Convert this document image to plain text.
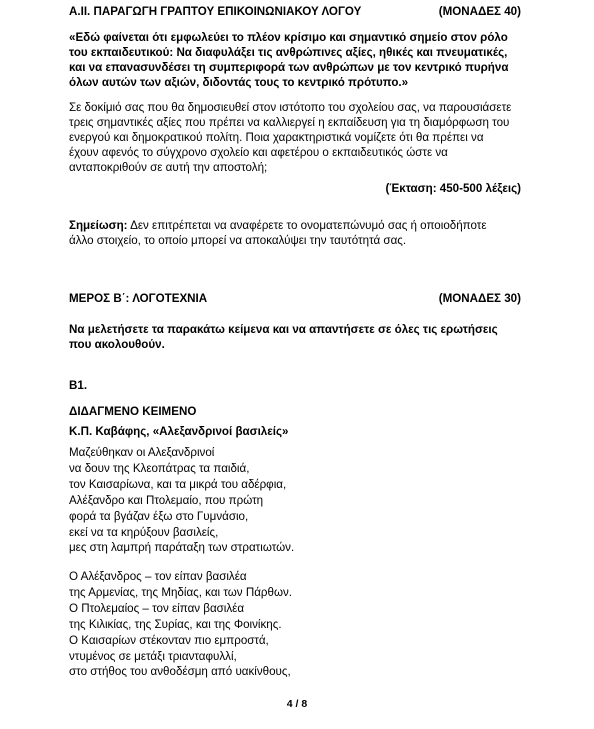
Α.ΙΙ. ΠΑΡΑΓΩΓΗ ΓΡΑΠΤΟΥ ΕΠΙΚΟΙΝΩΝΙΑΚΟΥ ΛΟΓΟΥ	(ΜΟΝΑΔΕΣ 40)
«Εδώ φαίνεται ότι εμφωλεύει το πλέον κρίσιμο και σημαντικό σημείο στον ρόλο
του εκπαιδευτικού: Να διαφυλάξει τις ανθρώπινες αξίες, ηθικές και πνευματικές,
και να επανασυνδέσει τη συμπεριφορά των ανθρώπων με τον κεντρικό πυρήνα
όλων αυτών των αξιών, διδοντάς τους το κεντρικό πρότυπο.»
Σε δοκίμιό σας που θα δημοσιευθεί στον ιστότοπο του σχολείου σας, να παρουσιάσετε
τρεις σημαντικές αξίες που πρέπει να καλλιεργεί η εκπαίδευση για τη διαμόρφωση του
ενεργού και δημοκρατικού πολίτη. Ποια χαρακτηριστικά νομίζετε ότι θα πρέπει να
έχουν αφενός το σύγχρονο σχολείο και αφετέρου ο εκπαιδευτικός ώστε να
ανταποκριθούν σε αυτή την αποστολή;
(Έκταση: 450-500 λέξεις)
Σημείωση: Δεν επιτρέπεται να αναφέρετε το ονοματεπώνυμό σας ή οποιοδήποτε
άλλο στοιχείο, το οποίο μπορεί να αποκαλύψει την ταυτότητά σας.
ΜΕΡΟΣ Β΄: ΛΟΓΟΤΕΧΝΙΑ	(ΜΟΝΑΔΕΣ 30)
Να μελετήσετε τα παρακάτω κείμενα και να απαντήσετε σε όλες τις ερωτήσεις
που ακολουθούν.
Β1.
ΔΙΔΑΓΜΕΝΟ ΚΕΙΜΕΝΟ
Κ.Π. Καβάφης, «Αλεξανδρινοί βασιλείς»

Μαζεύθηκαν οι Αλεξανδρινοί

να δουν της Κλεοπάτρας τα παιδιά,

τον Καισαρίωνα, και τα μικρά του αδέρφια,

Αλέξανδρο και Πτολεμαίο, που πρώτη

φορά τα βγάζαν έξω στο Γυμνάσιο,

εκεί να τα κηρύξουν βασιλείς,

μες στη λαμπρή παράταξη των στρατιωτών.

Ο Αλέξανδρος – τον είπαν βασιλέα

της Αρμενίας, της Μηδίας, και των Πάρθων.

Ο Πτολεμαίος – τον είπαν βασιλέα

της Κιλικίας, της Συρίας, και της Φοινίκης.

Ο Καισαρίων στέκονταν πιο εμπροστά,

ντυμένος σε μετάξι τριανταφυλλί,

στο στήθος του ανθοδέσμη από υακίνθους,

4 / 8
